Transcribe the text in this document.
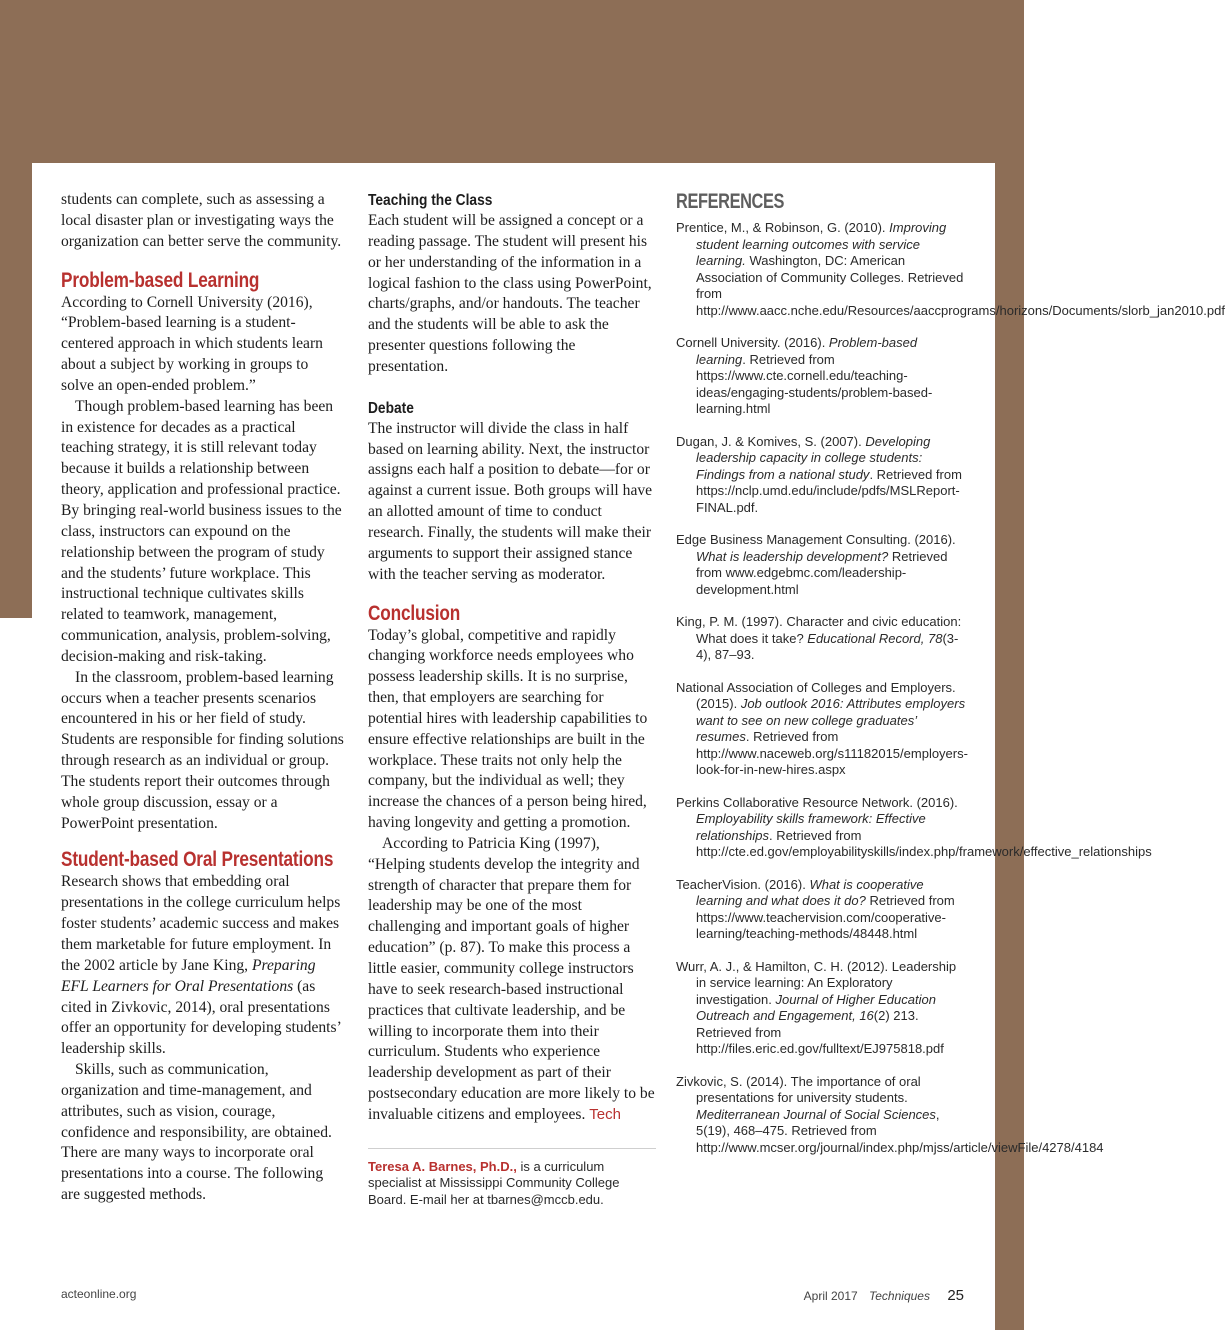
students can complete, such as assessing a local disaster plan or investigating ways the organization can better serve the community.

Problem-based Learning

According to Cornell University (2016), “Problem-based learning is a student-centered approach in which students learn about a subject by working in groups to solve an open-ended problem.”

Though problem-based learning has been in existence for decades as a practical teaching strategy, it is still relevant today because it builds a relationship between theory, application and professional practice. By bringing real-world business issues to the class, instructors can expound on the relationship between the program of study and the students’ future workplace. This instructional technique cultivates skills related to teamwork, management, communication, analysis, problem-solving, decision-making and risk-taking.

In the classroom, problem-based learning occurs when a teacher presents scenarios encountered in his or her field of study. Students are responsible for finding solutions through research as an individual or group. The students report their outcomes through whole group discussion, essay or a PowerPoint presentation.

Student-based Oral Presentations

Research shows that embedding oral presentations in the college curriculum helps foster students’ academic success and makes them marketable for future employment. In the 2002 article by Jane King, Preparing EFL Learners for Oral Presentations (as cited in Zivkovic, 2014), oral presentations offer an opportunity for developing students’ leadership skills.

Skills, such as communication, organization and time-management, and attributes, such as vision, courage, confidence and responsibility, are obtained. There are many ways to incorporate oral presentations into a course. The following are suggested methods.

Teaching the Class

Each student will be assigned a concept or a reading passage. The student will present his or her understanding of the information in a logical fashion to the class using PowerPoint, charts/graphs, and/or handouts. The teacher and the students will be able to ask the presenter questions following the presentation.

Debate

The instructor will divide the class in half based on learning ability. Next, the instructor assigns each half a position to debate—for or against a current issue. Both groups will have an allotted amount of time to conduct research. Finally, the students will make their arguments to support their assigned stance with the teacher serving as moderator.

Conclusion

Today’s global, competitive and rapidly changing workforce needs employees who possess leadership skills. It is no surprise, then, that employers are searching for potential hires with leadership capabilities to ensure effective relationships are built in the workplace. These traits not only help the company, but the individual as well; they increase the chances of a person being hired, having longevity and getting a promotion.

According to Patricia King (1997), “Helping students develop the integrity and strength of character that prepare them for leadership may be one of the most challenging and important goals of higher education” (p. 87). To make this process a little easier, community college instructors have to seek research-based instructional practices that cultivate leadership, and be willing to incorporate them into their curriculum. Students who experience leadership development as part of their postsecondary education are more likely to be invaluable citizens and employees. Tech

Teresa A. Barnes, Ph.D., is a curriculum specialist at Mississippi Community College Board. E-mail her at tbarnes@mccb.edu.

REFERENCES

Prentice, M., & Robinson, G. (2010). Improving student learning outcomes with service learning. Washington, DC: American Association of Community Colleges. Retrieved from http://www.aacc.nche.edu/Resources/aaccprograms/horizons/Documents/slorb_jan2010.pdf

Cornell University. (2016). Problem-based learning. Retrieved from https://www.cte.cornell.edu/teaching-ideas/engaging-students/problem-based-learning.html

Dugan, J. & Komives, S. (2007). Developing leadership capacity in college students: Findings from a national study. Retrieved from https://nclp.umd.edu/include/pdfs/MSLReport-FINAL.pdf.

Edge Business Management Consulting. (2016). What is leadership development? Retrieved from www.edgebmc.com/leadership-development.html

King, P. M. (1997). Character and civic education: What does it take? Educational Record, 78(3-4), 87–93.

National Association of Colleges and Employers. (2015). Job outlook 2016: Attributes employers want to see on new college graduates’ resumes. Retrieved from http://www.naceweb.org/s11182015/employers-look-for-in-new-hires.aspx

Perkins Collaborative Resource Network. (2016). Employability skills framework: Effective relationships. Retrieved from http://cte.ed.gov/employabilityskills/index.php/framework/effective_relationships

TeacherVision. (2016). What is cooperative learning and what does it do? Retrieved from https://www.teachervision.com/cooperative-learning/teaching-methods/48448.html

Wurr, A. J., & Hamilton, C. H. (2012). Leadership in service learning: An Exploratory investigation. Journal of Higher Education Outreach and Engagement, 16(2) 213. Retrieved from http://files.eric.ed.gov/fulltext/EJ975818.pdf

Zivkovic, S. (2014). The importance of oral presentations for university students. Mediterranean Journal of Social Sciences, 5(19), 468–475. Retrieved from http://www.mcser.org/journal/index.php/mjss/article/viewFile/4278/4184

acteonline.org	April 2017 Techniques 25
